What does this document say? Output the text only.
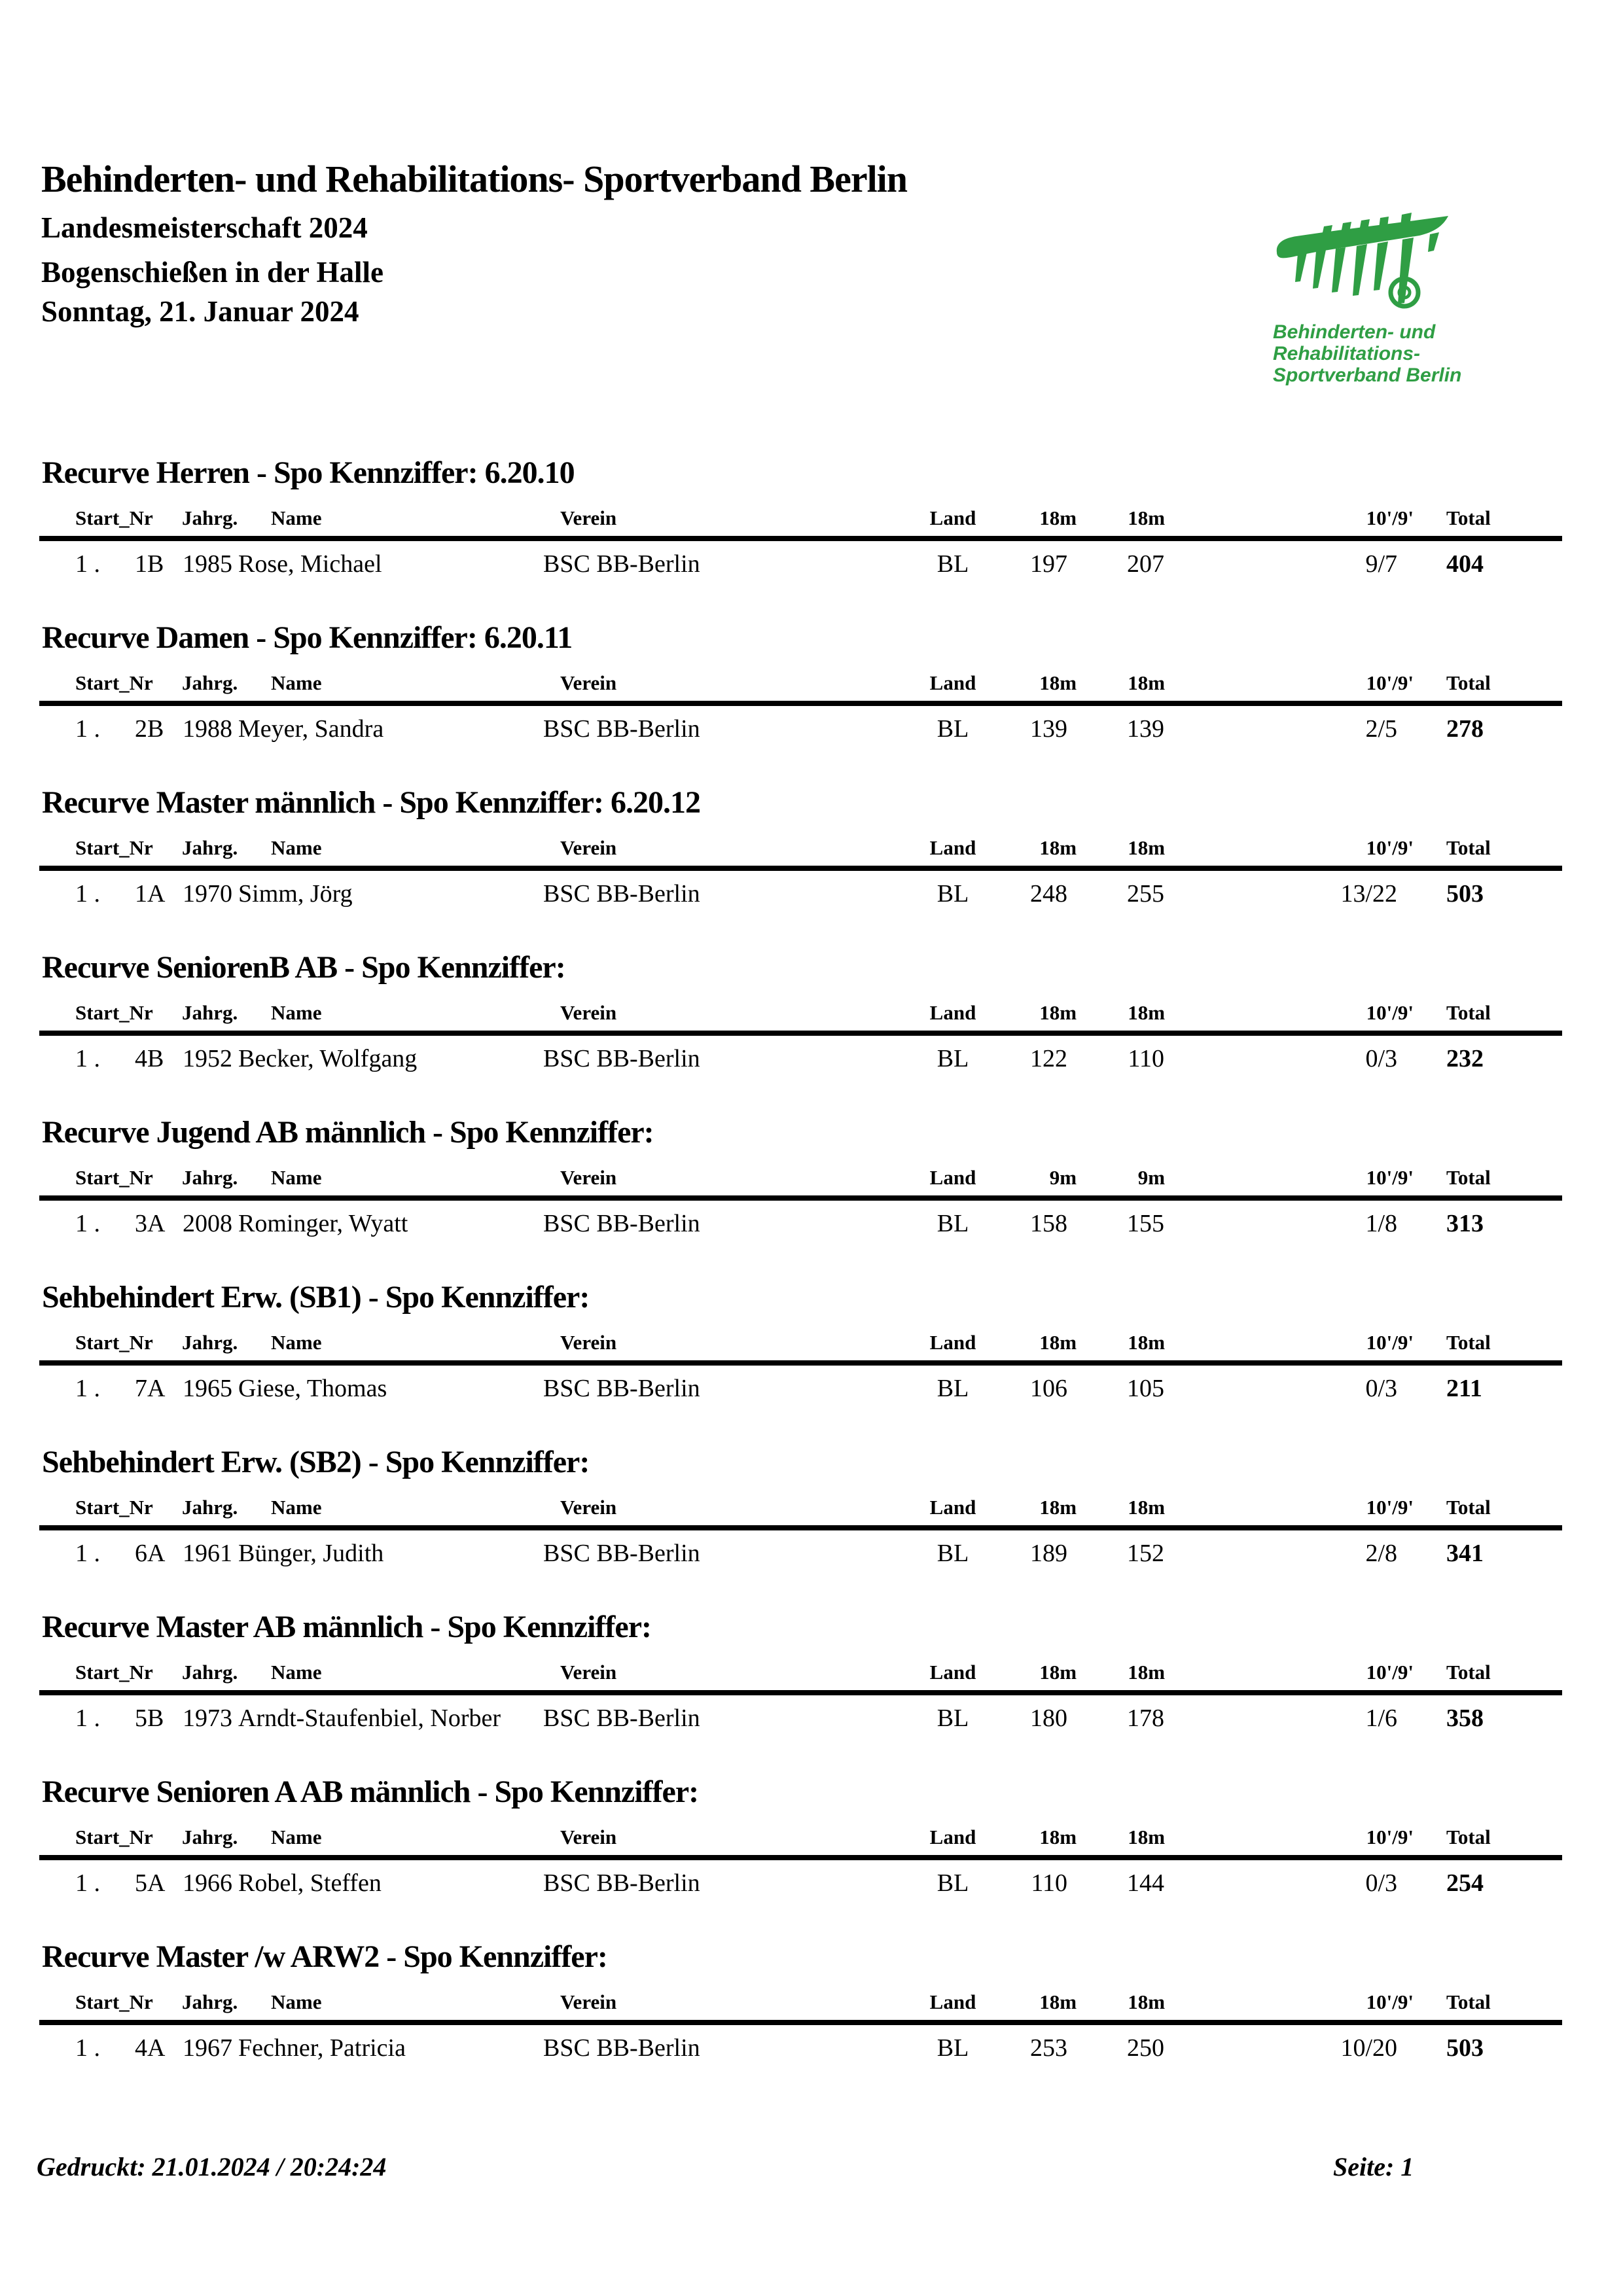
Behinderten- und Rehabilitations- Sportverband Berlin

Landesmeisterschaft 2024

Bogenschießen in der Halle

Sonntag, 21. Januar 2024

Behinderten- und
Rehabilitations-
Sportverband Berlin
Recurve Herren - Spo Kennziffer: 6.20.10
Start_Nr		Jahrg.	Name	Verein	Land	18m	18m	10'/9'	Total	
1 .	1B	1985	Rose, Michael	BSC BB-Berlin	BL	197	207	9/7	404	
Recurve Damen - Spo Kennziffer: 6.20.11
Start_Nr		Jahrg.	Name	Verein	Land	18m	18m	10'/9'	Total	
1 .	2B	1988	Meyer, Sandra	BSC BB-Berlin	BL	139	139	2/5	278	
Recurve Master männlich - Spo Kennziffer: 6.20.12
Start_Nr		Jahrg.	Name	Verein	Land	18m	18m	10'/9'	Total	
1 .	1A	1970	Simm, Jörg	BSC BB-Berlin	BL	248	255	13/22	503	
Recurve SeniorenB AB - Spo Kennziffer:
Start_Nr		Jahrg.	Name	Verein	Land	18m	18m	10'/9'	Total	
1 .	4B	1952	Becker, Wolfgang	BSC BB-Berlin	BL	122	110	0/3	232	
Recurve Jugend AB männlich - Spo Kennziffer:
Start_Nr		Jahrg.	Name	Verein	Land	9m	9m	10'/9'	Total	
1 .	3A	2008	Rominger, Wyatt	BSC BB-Berlin	BL	158	155	1/8	313	
Sehbehindert Erw. (SB1) - Spo Kennziffer:
Start_Nr		Jahrg.	Name	Verein	Land	18m	18m	10'/9'	Total	
1 .	7A	1965	Giese, Thomas	BSC BB-Berlin	BL	106	105	0/3	211	
Sehbehindert Erw. (SB2) - Spo Kennziffer:
Start_Nr		Jahrg.	Name	Verein	Land	18m	18m	10'/9'	Total	
1 .	6A	1961	Bünger, Judith	BSC BB-Berlin	BL	189	152	2/8	341	
Recurve Master AB männlich - Spo Kennziffer:
Start_Nr		Jahrg.	Name	Verein	Land	18m	18m	10'/9'	Total	
1 .	5B	1973	Arndt-Staufenbiel, Norber	BSC BB-Berlin	BL	180	178	1/6	358	
Recurve Senioren A AB männlich - Spo Kennziffer:
Start_Nr		Jahrg.	Name	Verein	Land	18m	18m	10'/9'	Total	
1 .	5A	1966	Robel, Steffen	BSC BB-Berlin	BL	110	144	0/3	254	
Recurve Master /w ARW2 - Spo Kennziffer:
Start_Nr		Jahrg.	Name	Verein	Land	18m	18m	10'/9'	Total	
1 .	4A	1967	Fechner, Patricia	BSC BB-Berlin	BL	253	250	10/20	503	
Gedruckt: 21.01.2024 / 20:24:24	Seite: 1
